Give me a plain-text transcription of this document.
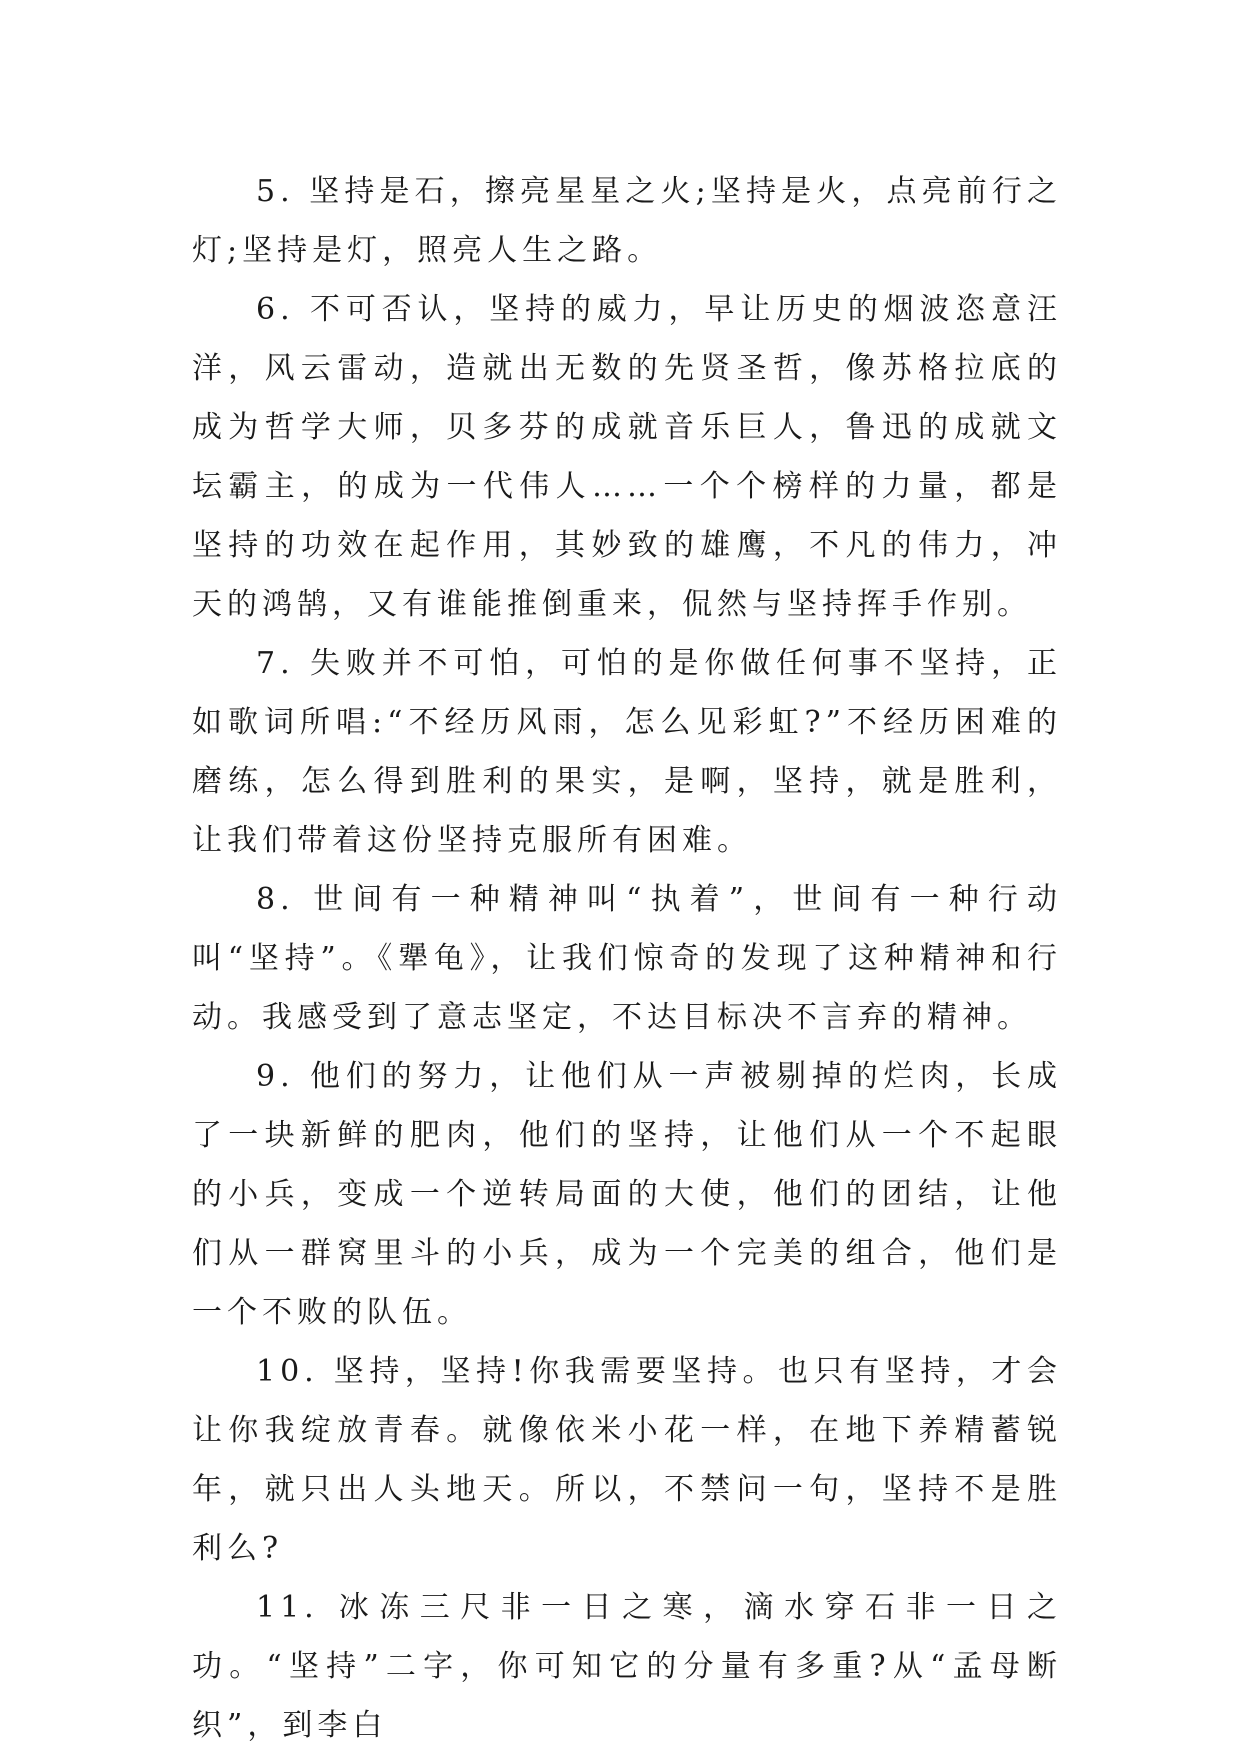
5. 坚持是石，擦亮星星之火;坚持是火，点亮前行之灯;坚持是灯，照亮人生之路。

6. 不可否认，坚持的威力，早让历史的烟波恣意汪洋，风云雷动，造就出无数的先贤圣哲，像苏格拉底的成为哲学大师，贝多芬的成就音乐巨人，鲁迅的成就文坛霸主，的成为一代伟人……一个个榜样的力量，都是坚持的功效在起作用，其妙致的雄鹰，不凡的伟力，冲天的鸿鹄，又有谁能推倒重来，侃然与坚持挥手作别。

7. 失败并不可怕，可怕的是你做任何事不坚持，正如歌词所唱:“不经历风雨，怎么见彩虹?”不经历困难的磨练，怎么得到胜利的果实，是啊，坚持，就是胜利，让我们带着这份坚持克服所有困难。

8. 世间有一种精神叫“执着”，世间有一种行动叫“坚持”。《犟龟》，让我们惊奇的发现了这种精神和行动。我感受到了意志坚定，不达目标决不言弃的精神。

9. 他们的努力，让他们从一声被剔掉的烂肉，长成了一块新鲜的肥肉，他们的坚持，让他们从一个不起眼的小兵，变成一个逆转局面的大使，他们的团结，让他们从一群窝里斗的小兵，成为一个完美的组合，他们是一个不败的队伍。

10. 坚持，坚持!你我需要坚持。也只有坚持，才会让你我绽放青春。就像依米小花一样，在地下养精蓄锐年，就只出人头地天。所以，不禁问一句，坚持不是胜利么?

11. 冰冻三尺非一日之寒，滴水穿石非一日之功。“坚持”二字，你可知它的分量有多重?从“孟母断织”，到李白
